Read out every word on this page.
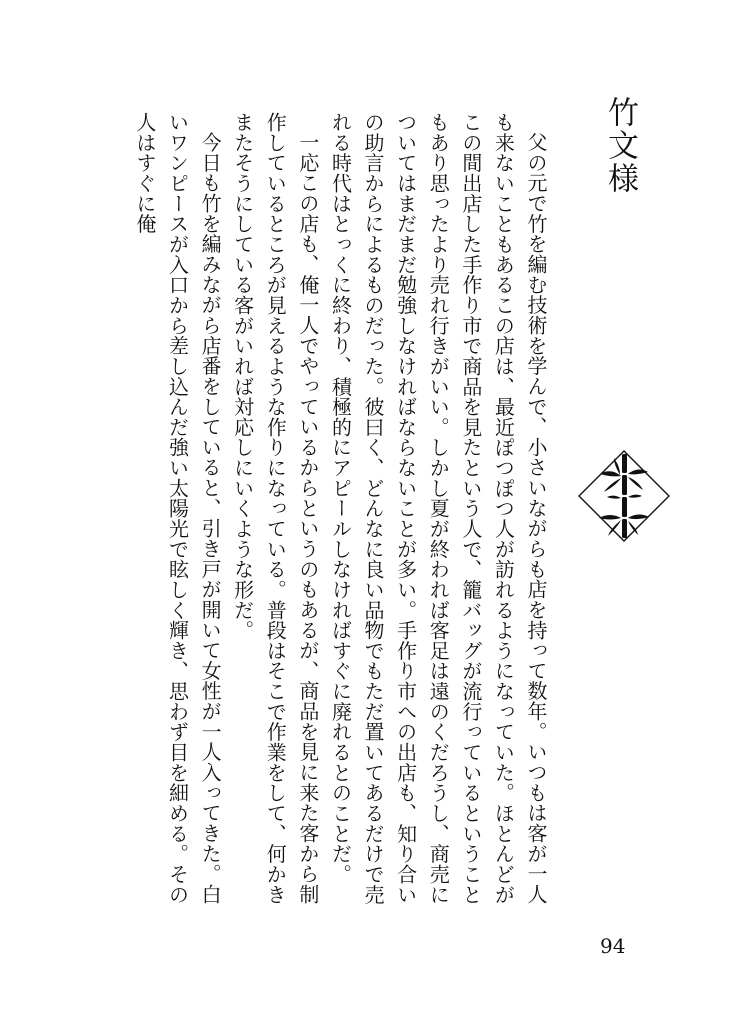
竹文様

父の元で竹を編む技術を学んで、小さいながらも店を持って数年。いつもは客が一人も来ないこともあるこの店は、最近ぽつぽつ人が訪れるようになっていた。ほとんどがこの間出店した手作り市で商品を見たという人で、籠バッグが流行っているということもあり思ったより売れ行きがいい。しかし夏が終われば客足は遠のくだろうし、商売についてはまだまだ勉強しなければならないことが多い。手作り市への出店も、知り合いの助言からによるものだった。彼曰く、どんなに良い品物でもただ置いてあるだけで売れる時代はとっくに終わり、積極的にアピールしなければすぐに廃れるとのことだ。

一応この店も、俺一人でやっているからというのもあるが、商品を見に来た客から制作しているところが見えるような作りになっている。普段はそこで作業をして、何かきまたそうにしている客がいれば対応しにいくような形だ。

今日も竹を編みながら店番をしていると、引き戸が開いて女性が一人入ってきた。白いワンピースが入口から差し込んだ強い太陽光で眩しく輝き、思わず目を細める。その人はすぐに俺

94
